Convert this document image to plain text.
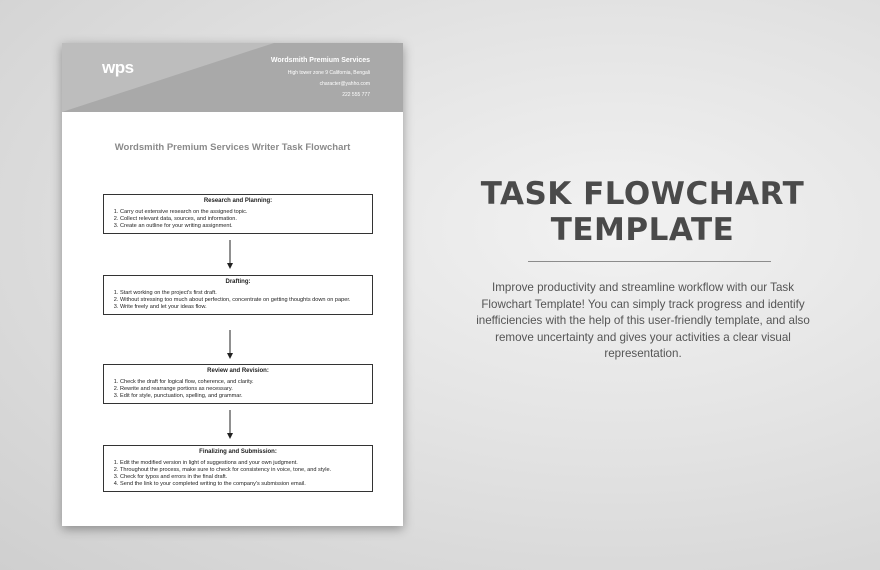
wps	Wordsmith Premium Services
High tower zone 9 California, Bengali
character@yahho.com
222 555 777
Wordsmith Premium Services Writer Task Flowchart
Research and Planning:
1. Carry out extensive research on the assigned topic.
2. Collect relevant data, sources, and information.
3. Create an outline for your writing assignment.
Drafting:
1. Start working on the project's first draft.
2. Without stressing too much about perfection, concentrate on getting thoughts down on paper.
3. Write freely and let your ideas flow.
Review and Revision:
1. Check the draft for logical flow, coherence, and clarity.
2. Rewrite and rearrange portions as necessary.
3. Edit for style, punctuation, spelling, and grammar.
Finalizing and Submission:
1. Edit the modified version in light of suggestions and your own judgment.
2. Throughout the process, make sure to check for consistency in voice, tone, and style.
3. Check for typos and errors in the final draft.
4. Send the link to your completed writing to the company's submission email.
TASK FLOWCHART
TEMPLATE
Improve productivity and streamline workflow with our Task Flowchart Template! You can simply track progress and identify inefficiencies with the help of this user-friendly template, and also remove uncertainty and gives your activities a clear visual representation.
